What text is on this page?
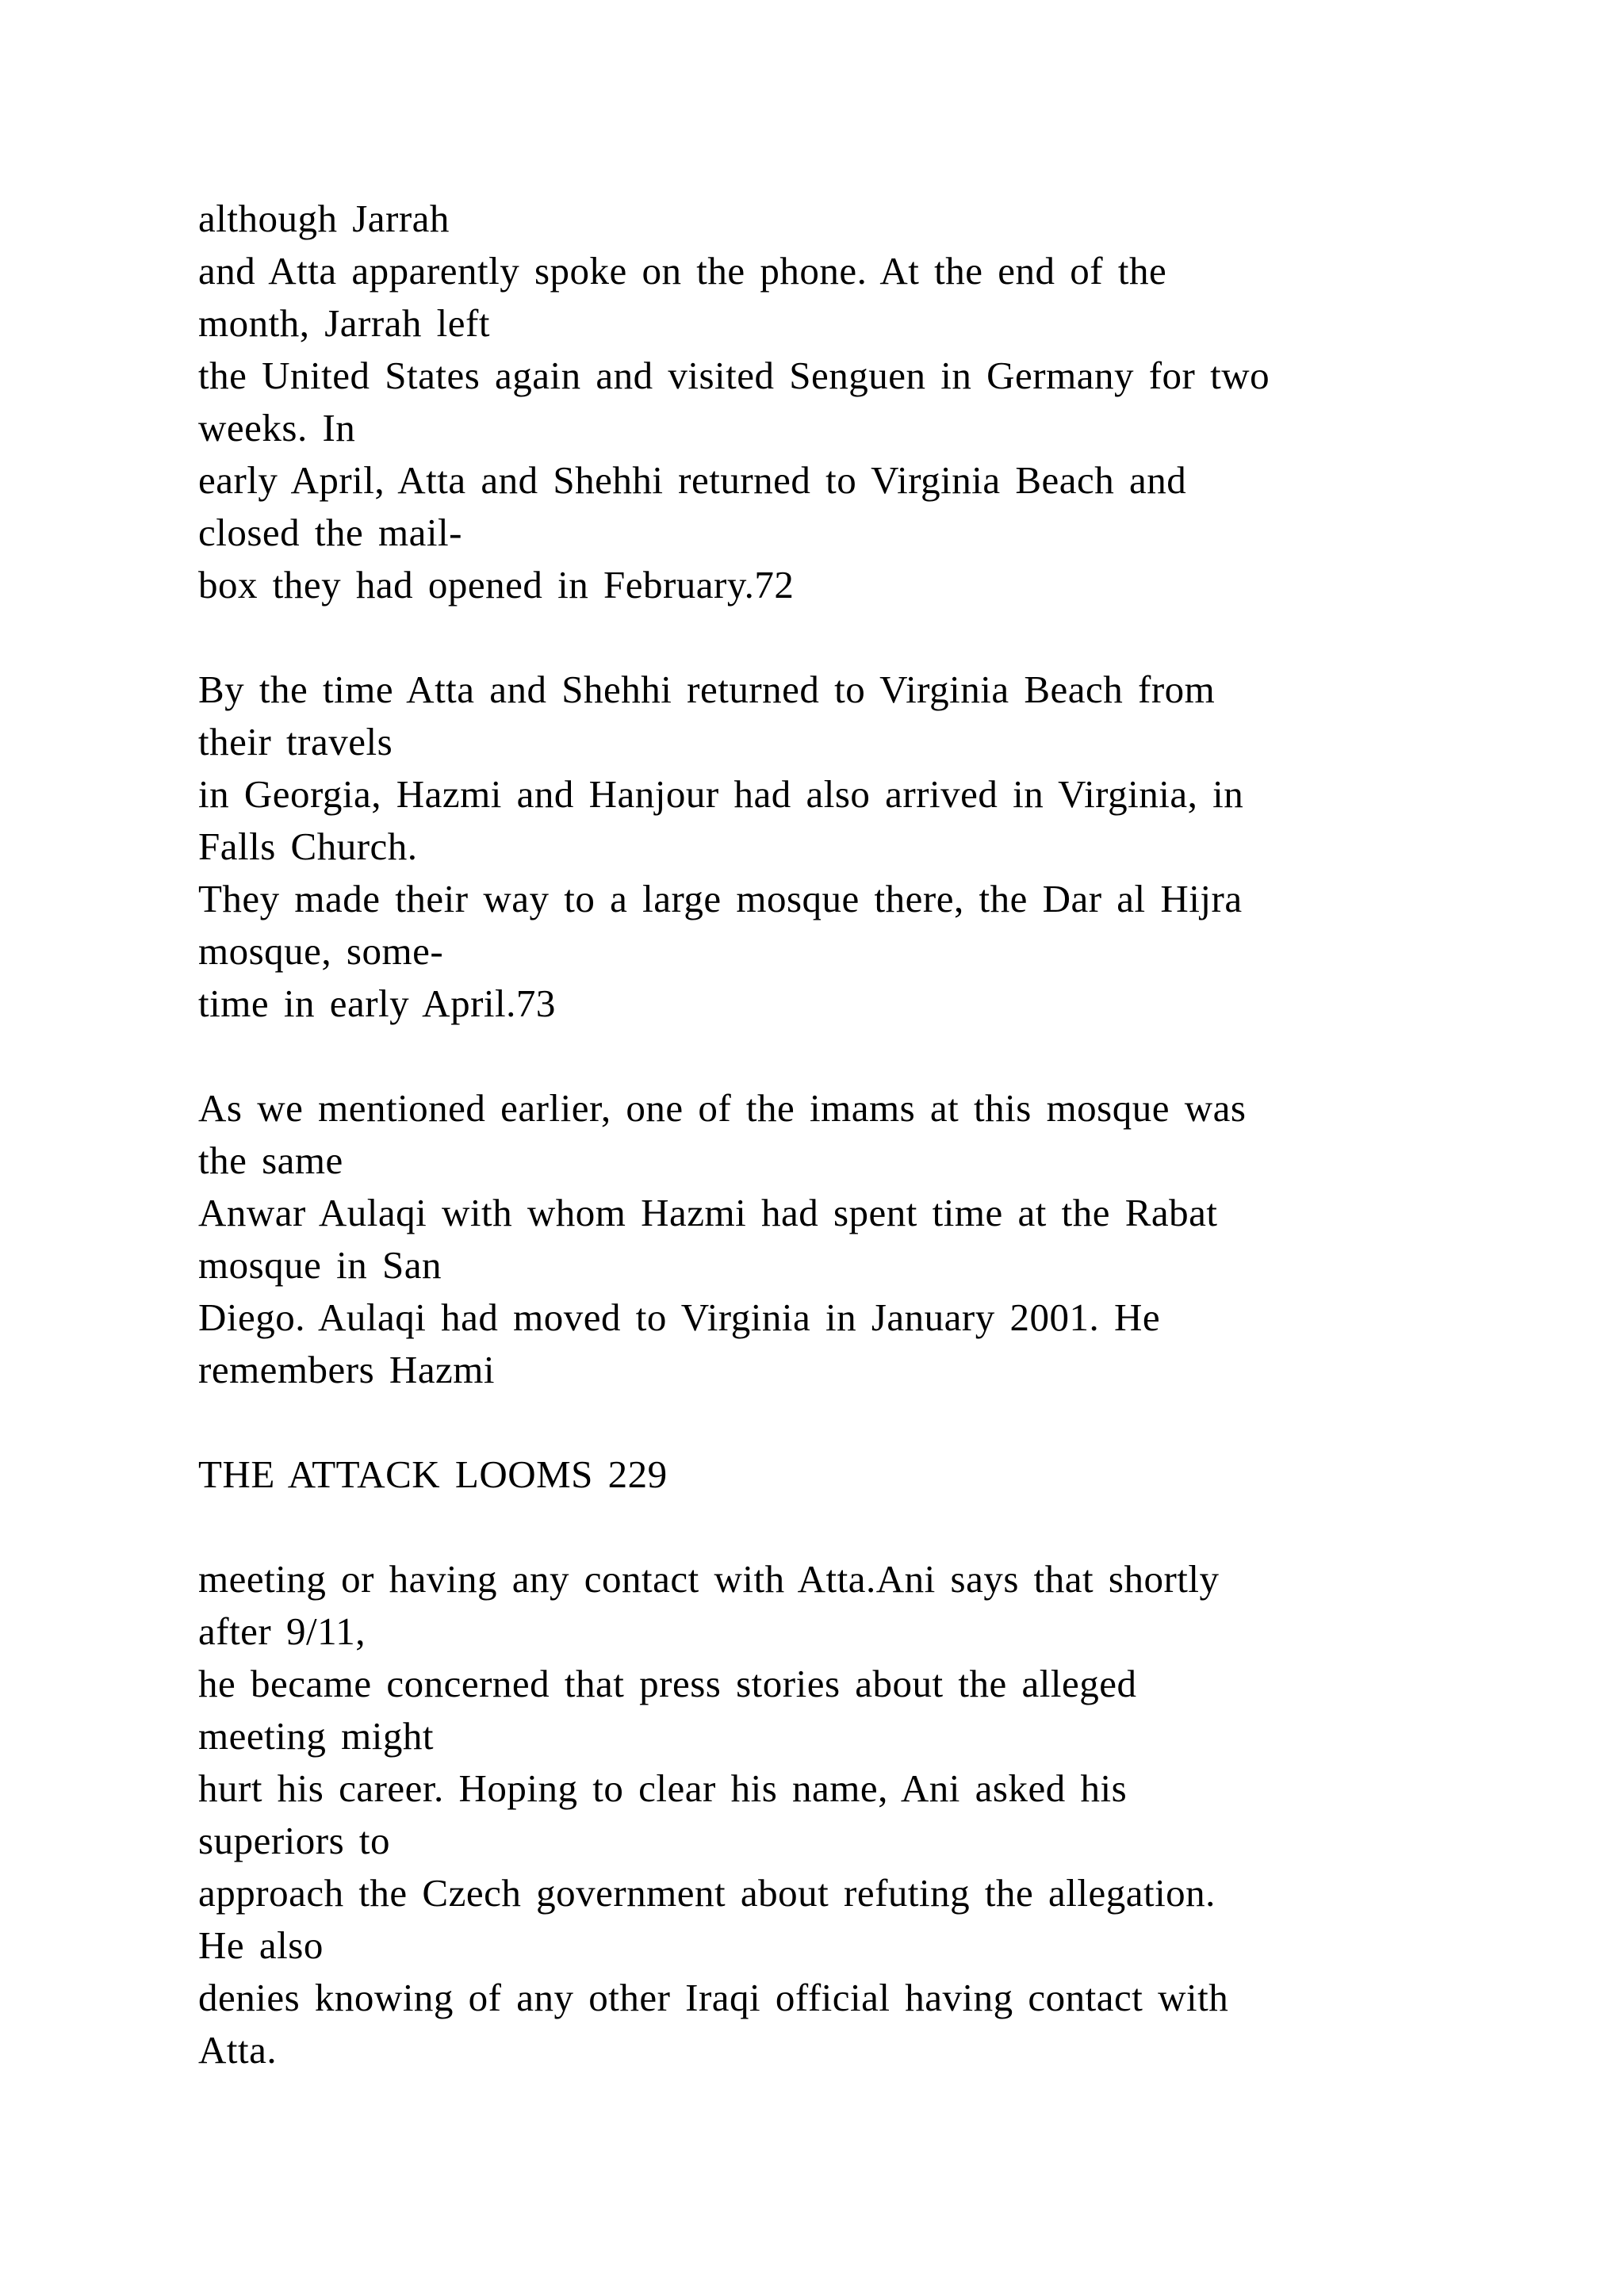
although Jarrah
and Atta apparently spoke on the phone. At the end of the
month, Jarrah left
the United States again and visited Senguen in Germany for two
weeks. In
early April, Atta and Shehhi returned to Virginia Beach and
closed the mail-
box they had opened in February.72
By the time Atta and Shehhi returned to Virginia Beach from
their travels
in Georgia, Hazmi and Hanjour had also arrived in Virginia, in
Falls Church.
They made their way to a large mosque there, the Dar al Hijra
mosque, some-
time in early April.73
As we mentioned earlier, one of the imams at this mosque was
the same
Anwar Aulaqi with whom Hazmi had spent time at the Rabat
mosque in San
Diego. Aulaqi had moved to Virginia in January 2001. He
remembers Hazmi
THE ATTACK LOOMS 229
meeting or having any contact with Atta.Ani says that shortly
after 9/11,
he became concerned that press stories about the alleged
meeting might
hurt his career. Hoping to clear his name, Ani asked his
superiors to
approach the Czech government about refuting the allegation.
He also
denies knowing of any other Iraqi official having contact with
Atta.
